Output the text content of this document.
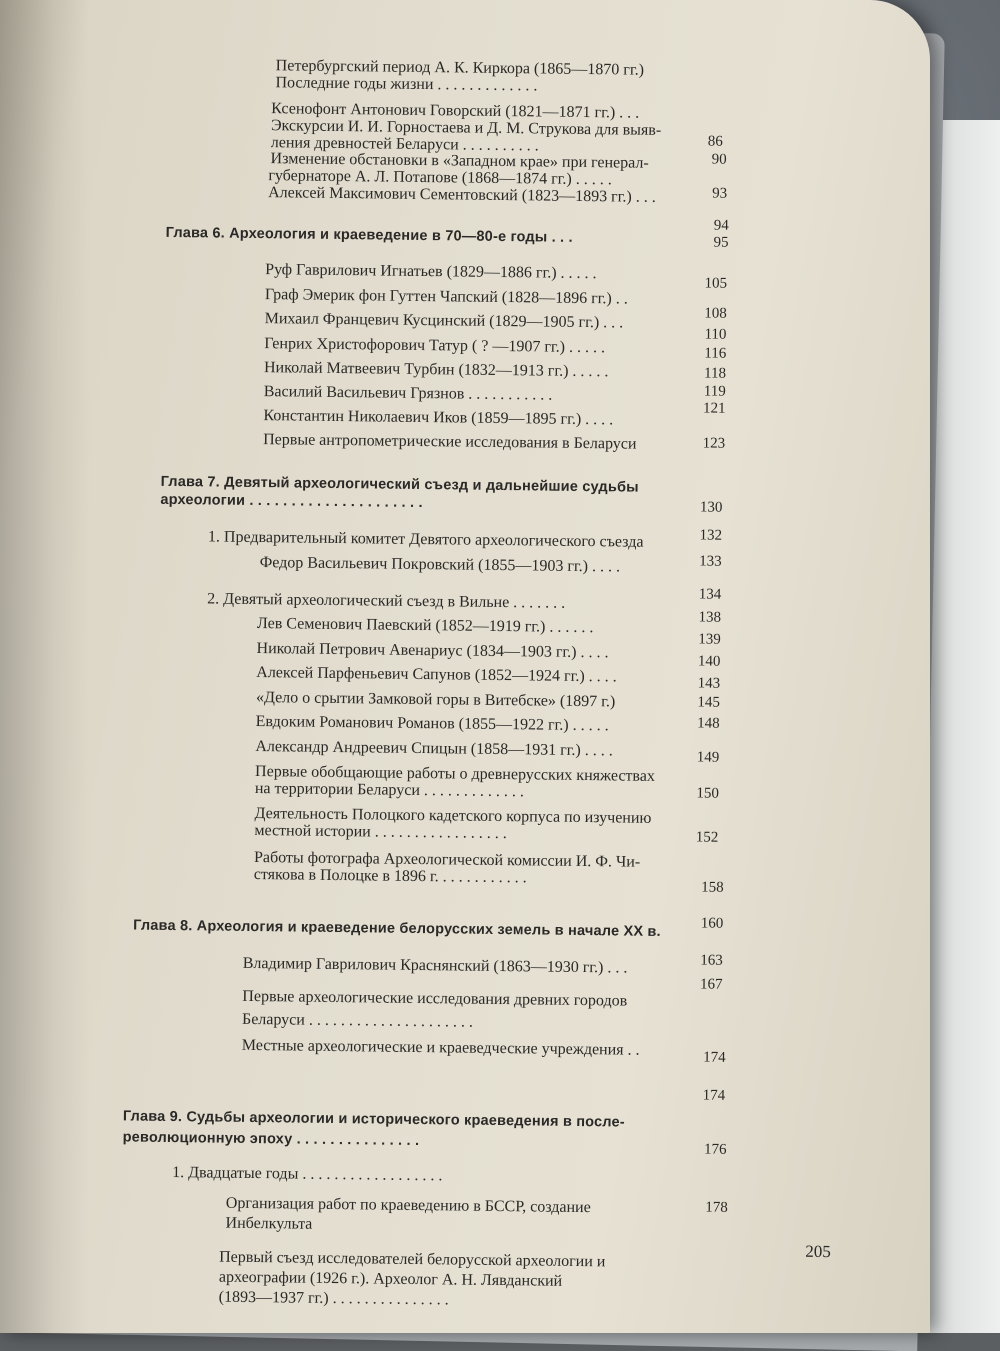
205
Петербургский период А. К. Киркора (1865—1870 гг.)
Последние годы жизни . . . . . . . . . . . . .
Ксенофонт Антонович Говорский (1821—1871 гг.) . . .
Экскурсии И. И. Горностаева и Д. М. Струкова для выяв-
ления древностей Беларуси . . . . . . . . . .
Изменение обстановки в «Западном крае» при генерал-
губернаторе А. Л. Потапове (1868—1874 гг.) . . . . .
Алексей Максимович Сементовский (1823—1893 гг.) . . .
Глава 6. Археология и краеведение в 70—80-е годы . . .
Руф Гаврилович Игнатьев (1829—1886 гг.) . . . . .
Граф Эмерик фон Гуттен Чапский (1828—1896 гг.) . .
Михаил Францевич Кусцинский (1829—1905 гг.) . . .
Генрих Христофорович Татур ( ? —1907 гг.) . . . . .
Николай Матвеевич Турбин (1832—1913 гг.) . . . . .
Василий Васильевич Грязнов . . . . . . . . . . .
Константин Николаевич Иков (1859—1895 гг.) . . . .
Первые антропометрические исследования в Беларуси
Глава 7. Девятый археологический съезд и дальнейшие судьбы
археологии . . . . . . . . . . . . . . . . . . . . .
1. Предварительный комитет Девятого археологического съезда
Федор Васильевич Покровский (1855—1903 гг.) . . . .
2. Девятый археологический съезд в Вильне . . . . . . .
Лев Семенович Паевский (1852—1919 гг.) . . . . . .
Николай Петрович Авенариус (1834—1903 гг.) . . . .
Алексей Парфеньевич Сапунов (1852—1924 гг.) . . . .
«Дело о срытии Замковой горы в Витебске» (1897 г.)
Евдоким Романович Романов (1855—1922 гг.) . . . . .
Александр Андреевич Спицын (1858—1931 гг.) . . . .
Первые обобщающие работы о древнерусских княжествах
на территории Беларуси . . . . . . . . . . . . .
Деятельность Полоцкого кадетского корпуса по изучению
местной истории . . . . . . . . . . . . . . . . .
Работы фотографа Археологической комиссии И. Ф. Чи-
стякова в Полоцке в 1896 г. . . . . . . . . . . .
Глава 8. Археология и краеведение белорусских земель в начале XX в.
Владимир Гаврилович Краснянский (1863—1930 гг.) . . .
Первые археологические исследования древних городов
Беларуси . . . . . . . . . . . . . . . . . . . . .
Местные археологические и краеведческие учреждения . .
Глава 9. Судьбы археологии и исторического краеведения в после-
революционную эпоху . . . . . . . . . . . . . . .
1. Двадцатые годы . . . . . . . . . . . . . . . . . .
Организация работ по краеведению в БССР, создание
Инбелкультa
Первый съезд исследователей белорусской археологии и
археографии (1926 г.). Археолог А. Н. Лявданский
(1893—1937 гг.) . . . . . . . . . . . . . . .
86
90
93
94
95
105
108
110
116
118
119
121
123
130
132
133
134
138
139
140
143
145
148
149
150
152
158
160
163
167
174
174
176
178
